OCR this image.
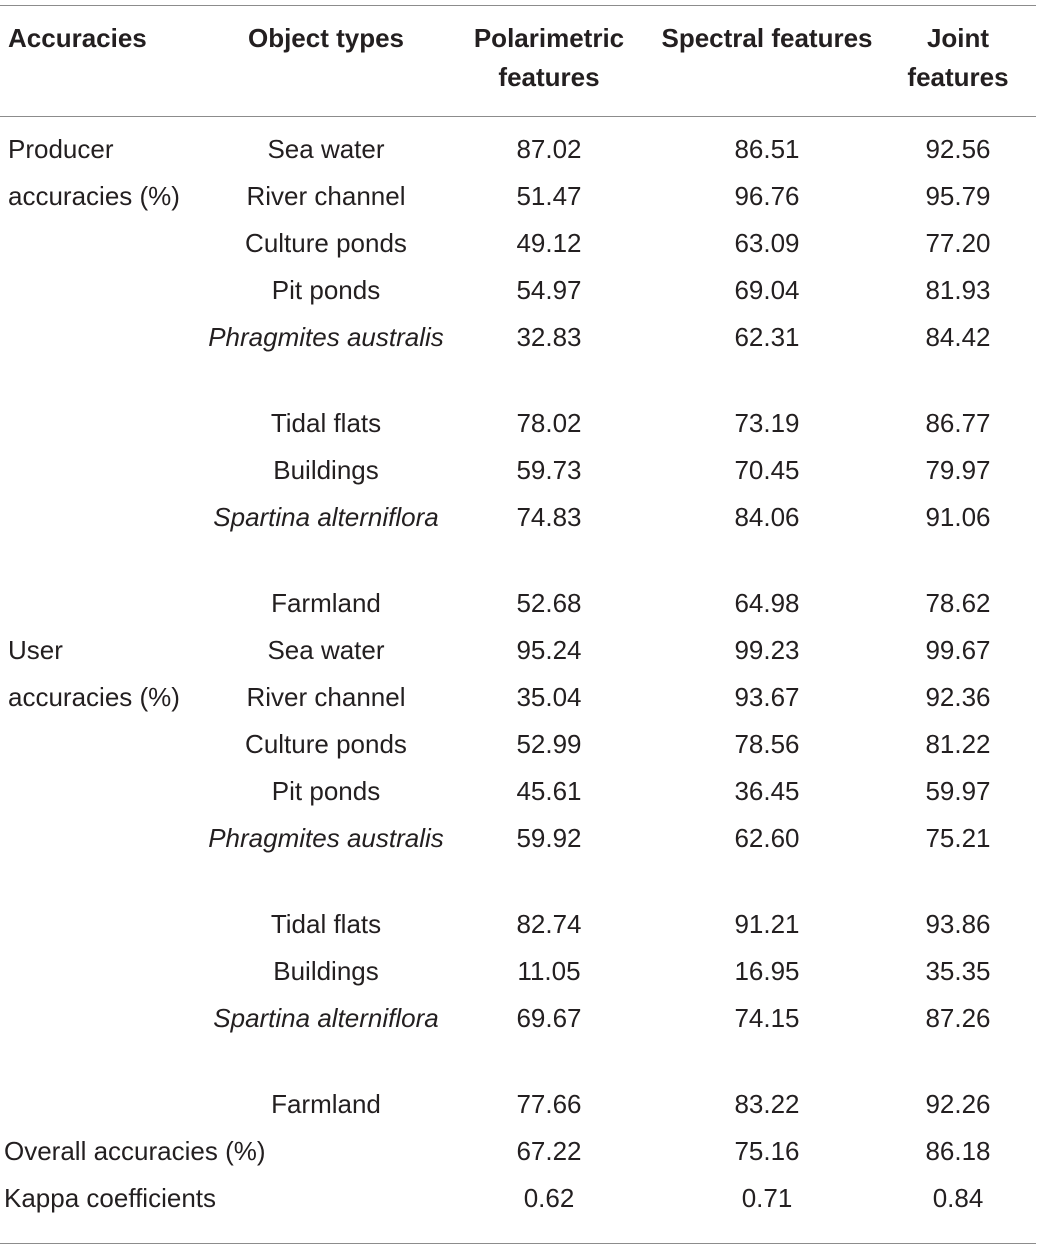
Accuracies	Object types	Polarimetric features	Spectral features	Joint features
Producer	Sea water	87.02	86.51	92.56
accuracies (%)	River channel	51.47	96.76	95.79
	Culture ponds	49.12	63.09	77.20
	Pit ponds	54.97	69.04	81.93
	Phragmites australis	32.83	62.31	84.42
	Tidal flats	78.02	73.19	86.77
	Buildings	59.73	70.45	79.97
	Spartina alterniflora	74.83	84.06	91.06
	Farmland	52.68	64.98	78.62
User	Sea water	95.24	99.23	99.67
accuracies (%)	River channel	35.04	93.67	92.36
	Culture ponds	52.99	78.56	81.22
	Pit ponds	45.61	36.45	59.97
	Phragmites australis	59.92	62.60	75.21
	Tidal flats	82.74	91.21	93.86
	Buildings	11.05	16.95	35.35
	Spartina alterniflora	69.67	74.15	87.26
	Farmland	77.66	83.22	92.26
Overall accuracies (%)		67.22	75.16	86.18
Kappa coefficients		0.62	0.71	0.84
